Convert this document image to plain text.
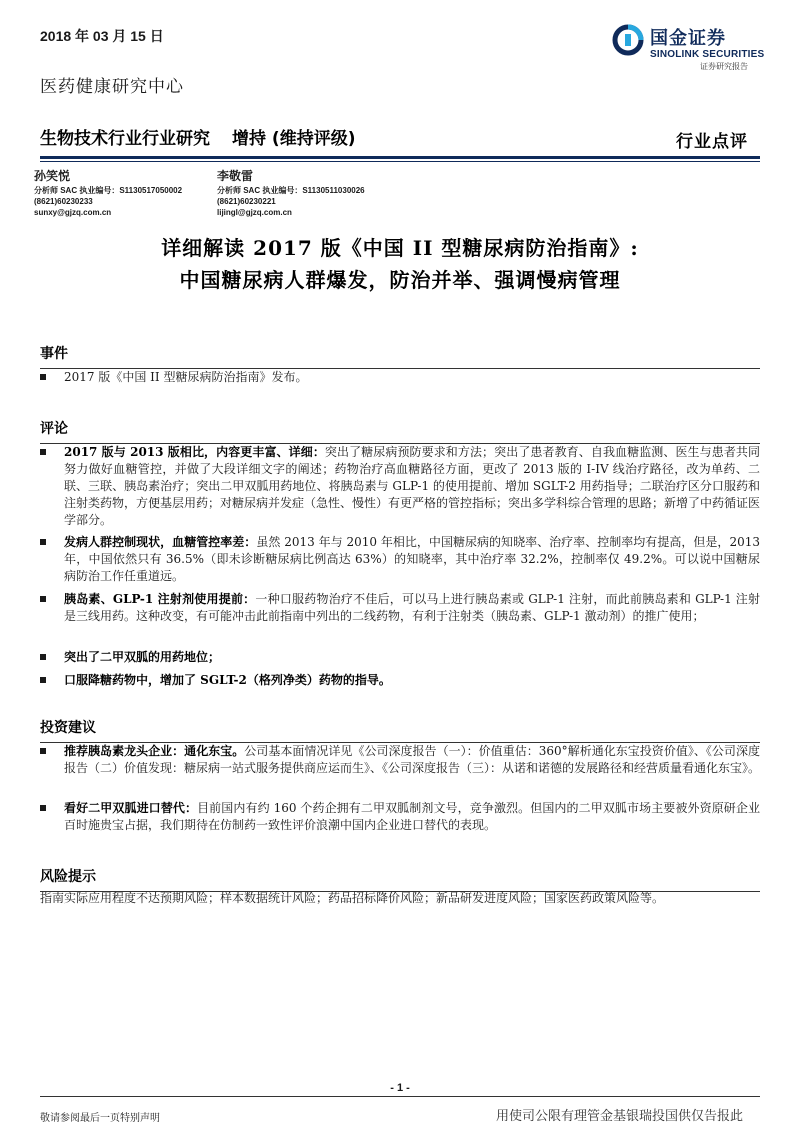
2018 年 03 月 15 日	国金证券
SINOLINK SECURITIES
证券研究报告
医药健康研究中心
生物技术行业行业研究 增持 (维持评级)	行业点评
孙笑悦
分析师 SAC 执业编号：S1130517050002
(8621)60230233
sunxy@gjzq.com.cn
李敬雷
分析师 SAC 执业编号：S1130511030026
(8621)60230221
lijingl@gjzq.com.cn
详细解读 2017 版《中国 II 型糖尿病防治指南》:
中国糖尿病人群爆发，防治并举、强调慢病管理
事件
2017 版《中国 II 型糖尿病防治指南》发布。
评论
2017 版与 2013 版相比，内容更丰富、详细：突出了糖尿病预防要求和方法；突出了患者教育、自我血糖监测、医生与患者共同努力做好血糖管控，并做了大段详细文字的阐述；药物治疗高血糖路径方面，更改了 2013 版的 I-IV 线治疗路径，改为单药、二联、三联、胰岛素治疗；突出二甲双胍用药地位、将胰岛素与 GLP-1 的使用提前、增加 SGLT-2 用药指导；二联治疗区分口服药和注射类药物，方便基层用药；对糖尿病并发症（急性、慢性）有更严格的管控指标；突出多学科综合管理的思路；新增了中药循证医学部分。
发病人群控制现状，血糖管控率差：虽然 2013 年与 2010 年相比，中国糖尿病的知晓率、治疗率、控制率均有提高，但是，2013 年，中国依然只有 36.5%（即未诊断糖尿病比例高达 63%）的知晓率，其中治疗率 32.2%，控制率仅 49.2%。可以说中国糖尿病防治工作任重道远。
胰岛素、GLP-1 注射剂使用提前：一种口服药物治疗不佳后，可以马上进行胰岛素或 GLP-1 注射，而此前胰岛素和 GLP-1 注射是三线用药。这种改变，有可能冲击此前指南中列出的二线药物，有利于注射类（胰岛素、GLP-1 激动剂）的推广使用；
突出了二甲双胍的用药地位；
口服降糖药物中，增加了 SGLT-2（格列净类）药物的指导。
投资建议
推荐胰岛素龙头企业：通化东宝。公司基本面情况详见《公司深度报告（一）：价值重估：360°解析通化东宝投资价值》、《公司深度报告（二）价值发现：糖尿病一站式服务提供商应运而生》、《公司深度报告（三）：从诺和诺德的发展路径和经营质量看通化东宝》。
看好二甲双胍进口替代：目前国内有约 160 个药企拥有二甲双胍制剂文号，竞争激烈。但国内的二甲双胍市场主要被外资原研企业百时施贵宝占据，我们期待在仿制药一致性评价浪潮中国内企业进口替代的表现。
风险提示
指南实际应用程度不达预期风险；样本数据统计风险；药品招标降价风险；新品研发进度风险；国家医药政策风险等。
- 1 -
敬请参阅最后一页特别声明	用使司公限有理管金基银瑞投国供仅告报此
